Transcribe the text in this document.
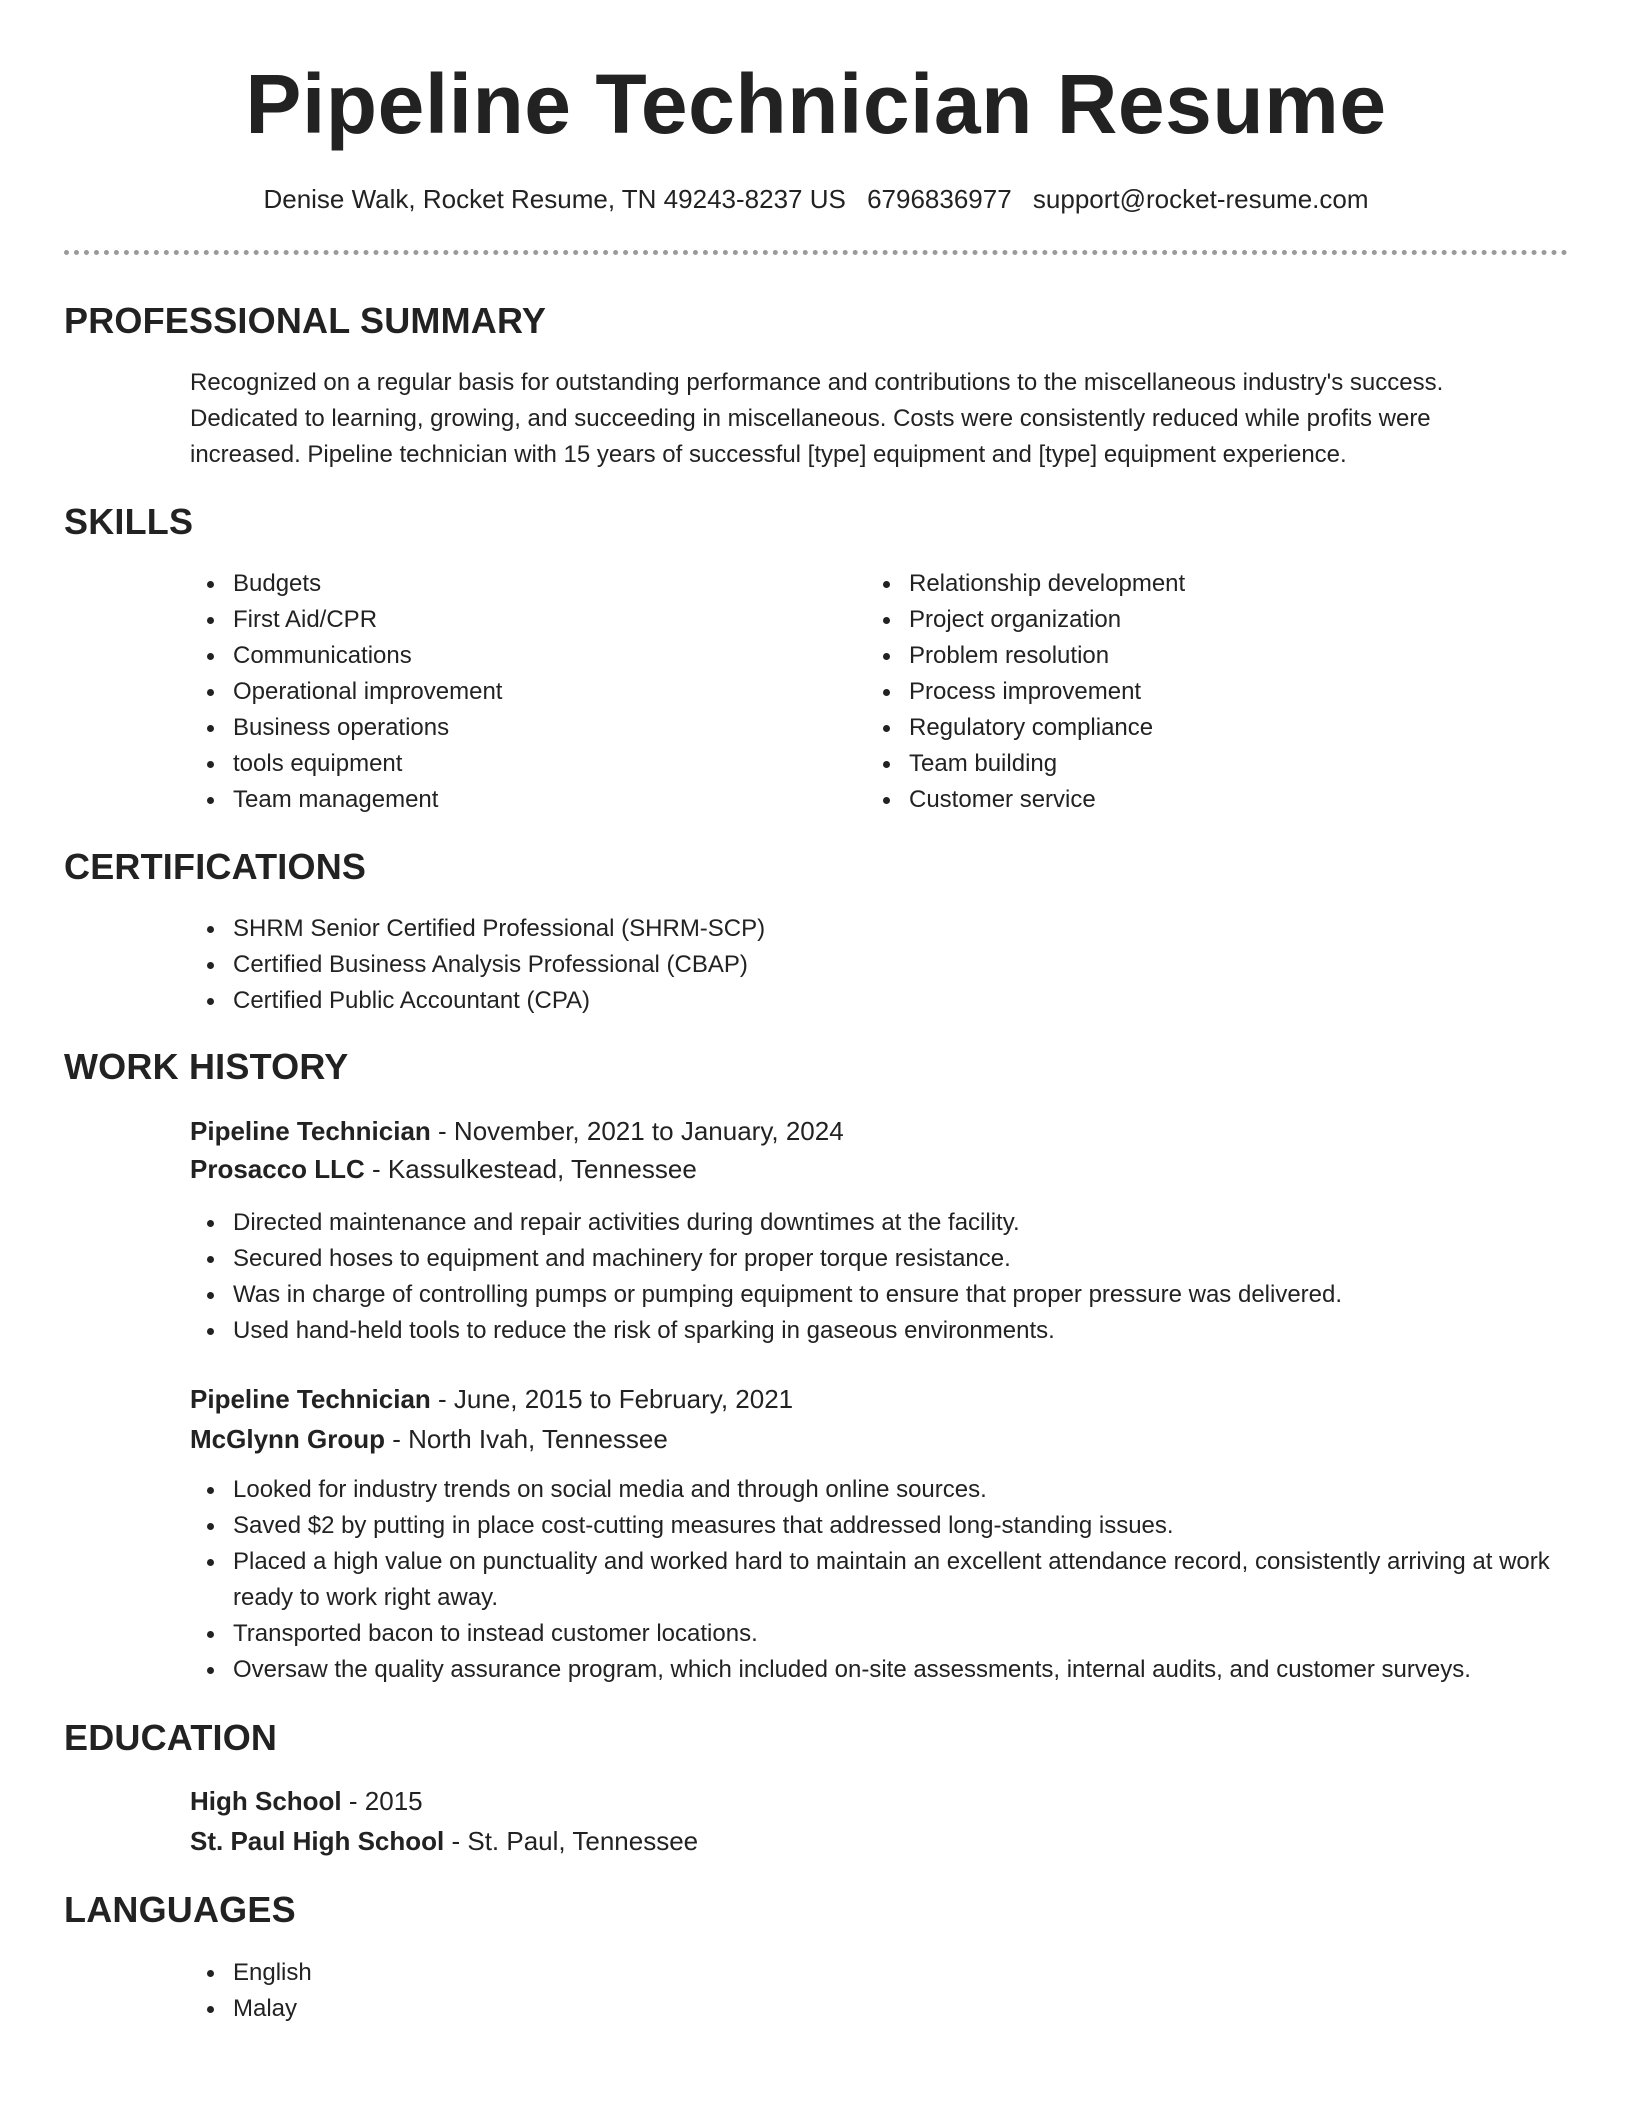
Pipeline Technician Resume
Denise Walk, Rocket Resume, TN 49243-8237 US 6796836977 support@rocket-resume.com
PROFESSIONAL SUMMARY

Recognized on a regular basis for outstanding performance and contributions to the miscellaneous industry's success. Dedicated to learning, growing, and succeeding in miscellaneous. Costs were consistently reduced while profits were increased. Pipeline technician with 15 years of successful [type] equipment and [type] equipment experience.

SKILLS
Budgets
First Aid/CPR
Communications
Operational improvement
Business operations
tools equipment
Team management
Relationship development
Project organization
Problem resolution
Process improvement
Regulatory compliance
Team building
Customer service
CERTIFICATIONS
SHRM Senior Certified Professional (SHRM-SCP)
Certified Business Analysis Professional (CBAP)
Certified Public Accountant (CPA)
WORK HISTORY
Pipeline Technician - November, 2021 to January, 2024
Prosacco LLC - Kassulkestead, Tennessee
Directed maintenance and repair activities during downtimes at the facility.
Secured hoses to equipment and machinery for proper torque resistance.
Was in charge of controlling pumps or pumping equipment to ensure that proper pressure was delivered.
Used hand-held tools to reduce the risk of sparking in gaseous environments.
Pipeline Technician - June, 2015 to February, 2021
McGlynn Group - North Ivah, Tennessee
Looked for industry trends on social media and through online sources.
Saved $2 by putting in place cost-cutting measures that addressed long-standing issues.
Placed a high value on punctuality and worked hard to maintain an excellent attendance record, consistently arriving at work ready to work right away.
Transported bacon to instead customer locations.
Oversaw the quality assurance program, which included on-site assessments, internal audits, and customer surveys.
EDUCATION
High School - 2015
St. Paul High School - St. Paul, Tennessee
LANGUAGES
English
Malay
